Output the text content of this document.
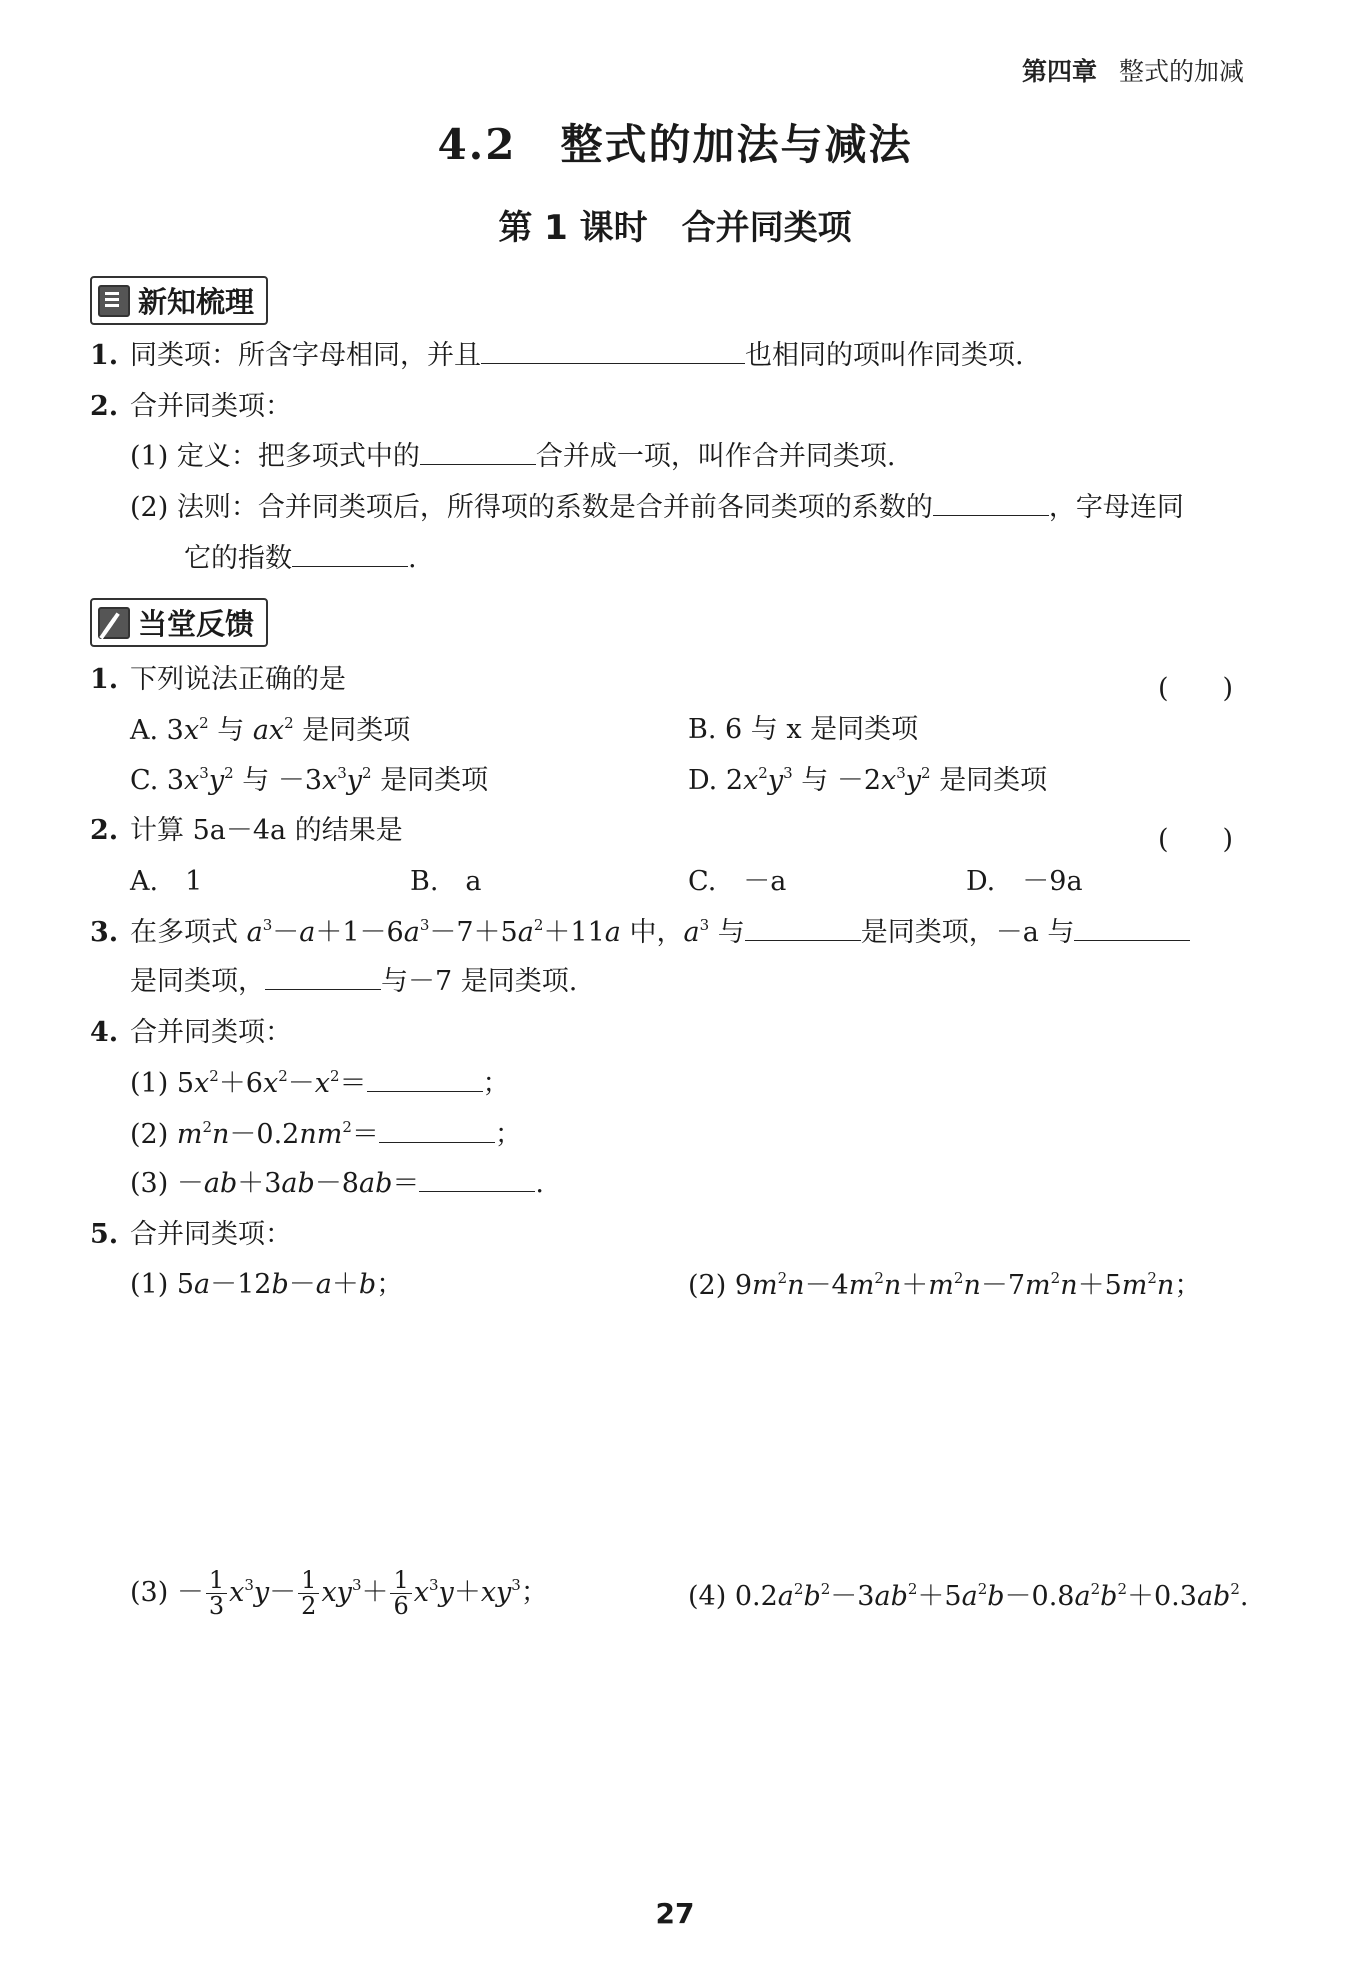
第四章 整式的加减
4.2　整式的加法与减法
第 1 课时　合并同类项
新知梳理
1. 同类项：所含字母相同，并且	也相同的项叫作同类项.
2. 合并同类项：
(1) 定义：把多项式中的	合并成一项，叫作合并同类项.
(2) 法则：合并同类项后，所得项的系数是合并前各同类项的系数的	，字母连同
它的指数	.
当堂反馈
1. 下列说法正确的是	(　　)
A. $3x^2$ 与 $ax^2$ 是同类项	B. 6 与 x 是同类项
C. $3x^3y^2$ 与 $-3x^3y^2$ 是同类项	D. $2x^2y^3$ 与 $-2x^3y^2$ 是同类项
2. 计算 5a－4a 的结果是	(　　)
A.　1	B.　a	C.　－a	D.　－9a
3. 在多项式 $a^3-a+1-6a^3-7+5a^2+11a$ 中，$a^3$ 与	是同类项，－a 与
是同类项，	与－7 是同类项.
4. 合并同类项：
(1) $5x^2+6x^2-x^2=$	；
(2) $m^2n-0.2nm^2=$	；
(3) －ab＋3ab－8ab＝	.
5. 合并同类项：
(1) 5a－12b－a＋b；	(2) $9m^2n-4m^2n+m^2n-7m^2n+5m^2n$；
$(3) - \frac{1}{3} x^3y- \frac{1}{2} xy^3+ \frac{1}{6} x^3y+xy^3$；	(4) $0.2a^2b^2-3ab^2+5a^2b-0.8a^2b^2+0.3ab^2$.
27
